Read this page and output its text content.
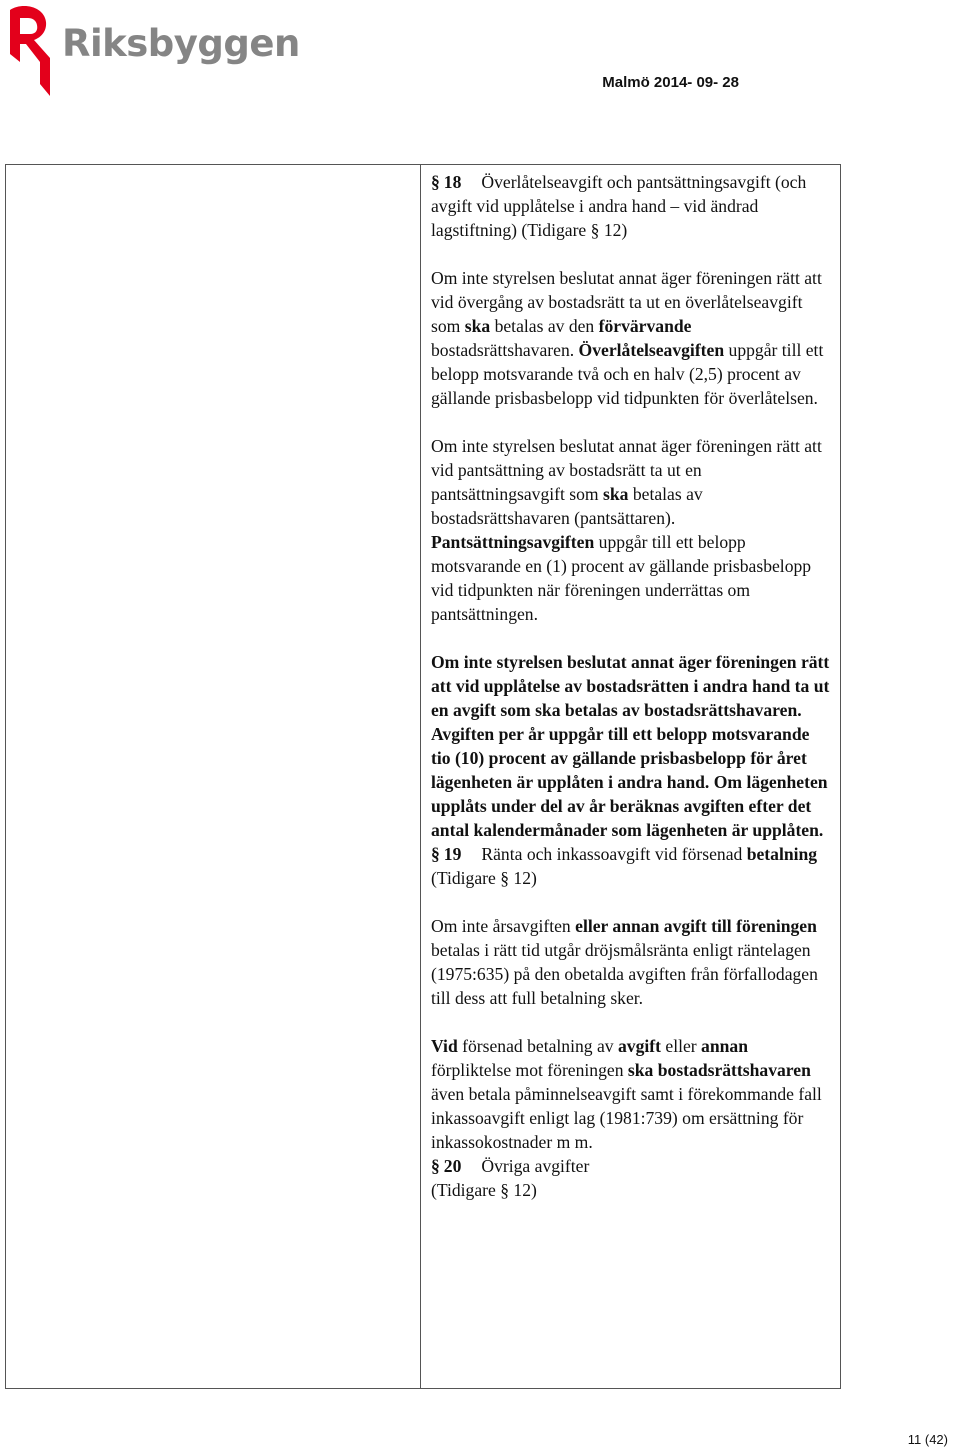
Riksbyggen
Malmö 2014- 09- 28

§ 18 Överlåtelseavgift och pantsättningsavgift (och avgift vid upplåtelse i andra hand – vid ändrad lagstiftning) (Tidigare § 12)

Om inte styrelsen beslutat annat äger föreningen rätt att vid övergång av bostadsrätt ta ut en överlåtelseavgift som ska betalas av den förvärvande bostadsrättshavaren. Överlåtelseavgiften uppgår till ett belopp motsvarande två och en halv (2,5) procent av gällande prisbasbelopp vid tidpunkten för överlåtelsen.

Om inte styrelsen beslutat annat äger föreningen rätt att vid pantsättning av bostadsrätt ta ut en pantsättningsavgift som ska betalas av bostadsrättshavaren (pantsättaren). Pantsättningsavgiften uppgår till ett belopp motsvarande en (1) procent av gällande prisbasbelopp vid tidpunkten när föreningen underrättas om pantsättningen.

Om inte styrelsen beslutat annat äger föreningen rätt att vid upplåtelse av bostadsrätten i andra hand ta ut en avgift som ska betalas av bostadsrättshavaren. Avgiften per år uppgår till ett belopp motsvarande tio (10) procent av gällande prisbasbelopp för året lägenheten är upplåten i andra hand. Om lägenheten upplåts under del av år beräknas avgiften efter det antal kalendermånader som lägenheten är upplåten.

§ 19 Ränta och inkassoavgift vid försenad betalning

(Tidigare § 12)

Om inte årsavgiften eller annan avgift till föreningen betalas i rätt tid utgår dröjsmålsränta enligt räntelagen (1975:635) på den obetalda avgiften från förfallodagen till dess att full betalning sker.

Vid försenad betalning av avgift eller annan förpliktelse mot föreningen ska bostadsrättshavaren även betala påminnelseavgift samt i förekommande fall inkassoavgift enligt lag (1981:739) om ersättning för inkassokostnader m m.

§ 20 Övriga avgifter

(Tidigare § 12)

11 (42)
